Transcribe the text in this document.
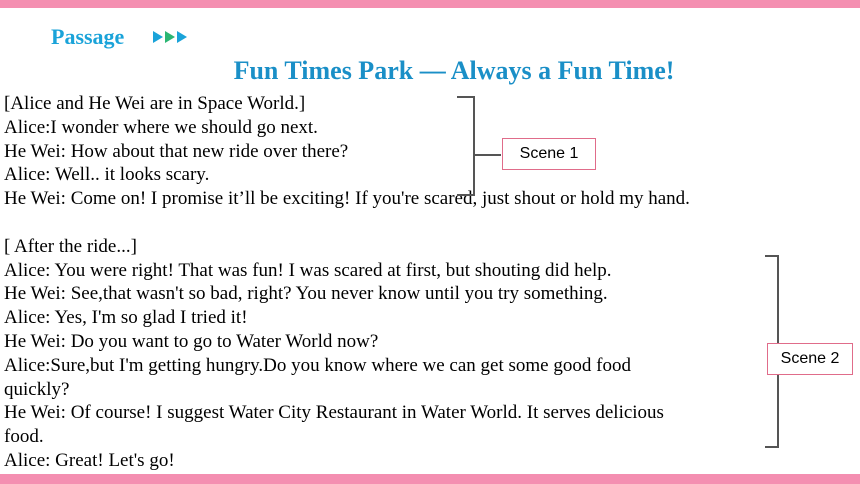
Passage
Fun Times Park — Always a Fun Time!
[Alice and He Wei are in Space World.]
Alice:I wonder where we should go next.
He Wei: How about that new ride over there?
Alice: Well.. it looks scary.
He Wei: Come on! I promise it’ll be exciting! If you're scared, just shout or hold my hand.
[ After the ride...]
Alice: You were right! That was fun! I was scared at first, but shouting did help.
He Wei: See,that wasn't so bad, right? You never know until you try something.
Alice: Yes, I'm so glad I tried it!
He Wei: Do you want to go to Water World now?
Alice:Sure,but I'm getting hungry.Do you know where we can get some good food
quickly?
He Wei: Of course! I suggest Water City Restaurant in Water World. It serves delicious
food.
Alice: Great! Let's go!
Scene 1
Scene 2
